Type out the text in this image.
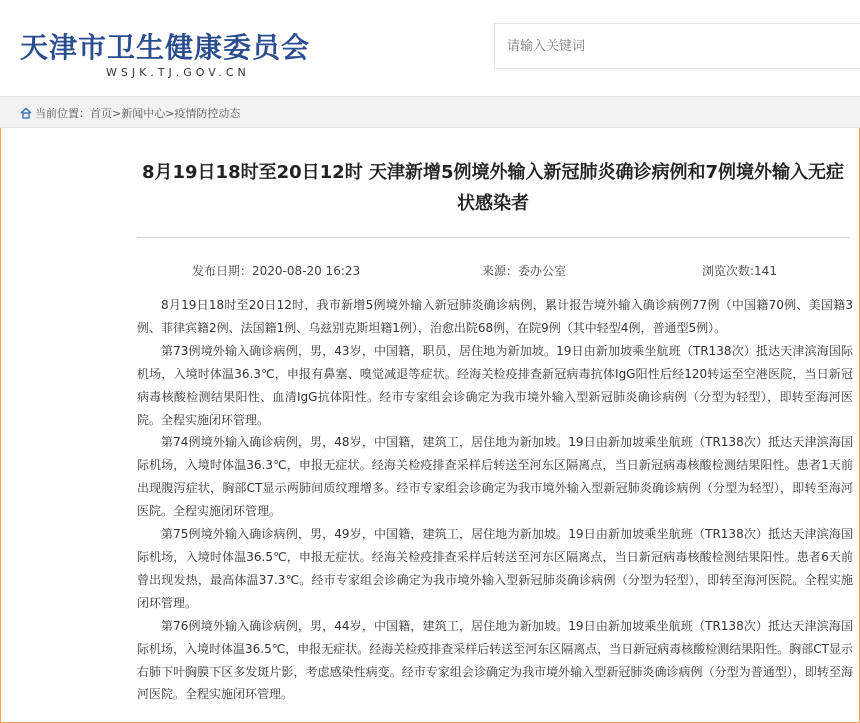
天津市卫生健康委员会
WSJK.TJ.GOV.CN
请输入关键词
当前位置： 首页 > 新闻中心 > 疫情防控动态
8月19日18时至20日12时 天津新增5例境外输入新冠肺炎确诊病例和7例境外输入无症状感染者
发布日期：2020-08-20 16:23	来源：委办公室	浏览次数:141

8月19日18时至20日12时，我市新增5例境外输入新冠肺炎确诊病例，累计报告境外输入确诊病例77例（中国籍70例、美国籍3例、菲律宾籍2例、法国籍1例、乌兹别克斯坦籍1例），治愈出院68例，在院9例（其中轻型4例，普通型5例）。

第73例境外输入确诊病例，男，43岁，中国籍，职员，居住地为新加坡。19日由新加坡乘坐航班（TR138次）抵达天津滨海国际机场，入境时体温36.3℃，申报有鼻塞、嗅觉减退等症状。经海关检疫排查新冠病毒抗体IgG阳性后经120转运至空港医院，当日新冠病毒核酸检测结果阳性、血清IgG抗体阳性。经市专家组会诊确定为我市境外输入型新冠肺炎确诊病例（分型为轻型），即转至海河医院。全程实施闭环管理。

第74例境外输入确诊病例，男，48岁，中国籍，建筑工，居住地为新加坡。19日由新加坡乘坐航班（TR138次）抵达天津滨海国际机场，入境时体温36.3℃，申报无症状。经海关检疫排查采样后转送至河东区隔离点，当日新冠病毒核酸检测结果阳性。患者1天前出现腹泻症状，胸部CT显示两肺间质纹理增多。经市专家组会诊确定为我市境外输入型新冠肺炎确诊病例（分型为轻型），即转至海河医院。全程实施闭环管理。

第75例境外输入确诊病例，男，49岁，中国籍，建筑工，居住地为新加坡。19日由新加坡乘坐航班（TR138次）抵达天津滨海国际机场，入境时体温36.5℃，申报无症状。经海关检疫排查采样后转送至河东区隔离点，当日新冠病毒核酸检测结果阳性。患者6天前曾出现发热，最高体温37.3℃。经市专家组会诊确定为我市境外输入型新冠肺炎确诊病例（分型为轻型），即转至海河医院。全程实施闭环管理。

第76例境外输入确诊病例，男，44岁，中国籍，建筑工，居住地为新加坡。19日由新加坡乘坐航班（TR138次）抵达天津滨海国际机场，入境时体温36.5℃，申报无症状。经海关检疫排查采样后转送至河东区隔离点，当日新冠病毒核酸检测结果阳性。胸部CT显示右肺下叶胸膜下区多发斑片影，考虑感染性病变。经市专家组会诊确定为我市境外输入型新冠肺炎确诊病例（分型为普通型），即转至海河医院。全程实施闭环管理。
